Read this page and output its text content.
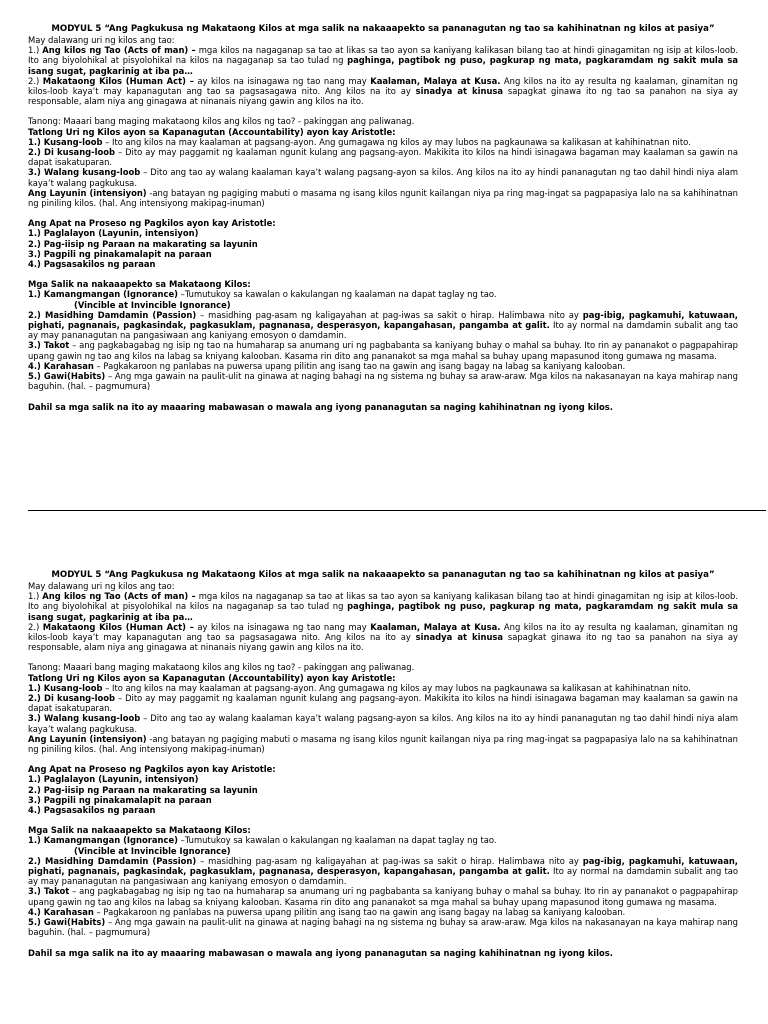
MODYUL 5 “Ang Pagkukusa ng Makataong Kilos at mga salik na nakaaapekto sa pananagutan ng tao sa kahihinatnan ng kilos at pasiya”

May dalawang uri ng kilos ang tao:

1.) Ang kilos ng Tao (Acts of man) – mga kilos na nagaganap sa tao at likas sa tao ayon sa kaniyang kalikasan bilang tao at hindi ginagamitan ng isip at kilos-loob. Ito ang biyolohikal at pisyolohikal na kilos na nagaganap sa tao tulad ng paghinga, pagtibok ng puso, pagkurap ng mata, pagkaramdam ng sakit mula sa isang sugat, pagkarinig at iba pa…

2.) Makataong Kilos (Human Act) – ay kilos na isinagawa ng tao nang may Kaalaman, Malaya at Kusa. Ang kilos na ito ay resulta ng kaalaman, ginamitan ng kilos-loob kaya’t may kapanagutan ang tao sa pagsasagawa nito. Ang kilos na ito ay sinadya at kinusa sapagkat ginawa ito ng tao sa panahon na siya ay responsable, alam niya ang ginagawa at ninanais niyang gawin ang kilos na ito.

Tanong: Maaari bang maging makataong kilos ang kilos ng tao? - pakinggan ang paliwanag.

Tatlong Uri ng Kilos ayon sa Kapanagutan (Accountability) ayon kay Aristotle:

1.) Kusang-loob – Ito ang kilos na may kaalaman at pagsang-ayon. Ang gumagawa ng kilos ay may lubos na pagkaunawa sa kalikasan at kahihinatnan nito.

2.) Di kusang-loob – Dito ay may paggamit ng kaalaman ngunit kulang ang pagsang-ayon. Makikita ito kilos na hindi isinagawa bagaman may kaalaman sa gawin na dapat isakatuparan.

3.) Walang kusang-loob – Dito ang tao ay walang kaalaman kaya’t walang pagsang-ayon sa kilos. Ang kilos na ito ay hindi pananagutan ng tao dahil hindi niya alam kaya’t walang pagkukusa.

Ang Layunin (intensiyon) -ang batayan ng pagiging mabuti o masama ng isang kilos ngunit kailangan niya pa ring mag-ingat sa pagpapasiya lalo na sa kahihinatnan ng piniling kilos. (hal. Ang intensiyong makipag-inuman)

Ang Apat na Proseso ng Pagkilos ayon kay Aristotle:

1.) Paglalayon (Layunin, intensiyon)

2.) Pag-iisip ng Paraan na makarating sa layunin

3.) Pagpili ng pinakamalapit na paraan

4.) Pagsasakilos ng paraan

Mga Salik na nakaaapekto sa Makataong Kilos:

1.) Kamangmangan (Ignorance) –Tumutukoy sa kawalan o kakulangan ng kaalaman na dapat taglay ng tao.

(Vincible at Invincible Ignorance)

2.) Masidhing Damdamin (Passion) – masidhing pag-asam ng kaligayahan at pag-iwas sa sakit o hirap. Halimbawa nito ay pag-ibig, pagkamuhi, katuwaan, pighati, pagnanais, pagkasindak, pagkasuklam, pagnanasa, desperasyon, kapangahasan, pangamba at galit. Ito ay normal na damdamin subalit ang tao ay may pananagutan na pangasiwaan ang kaniyang emosyon o damdamin.

3.) Takot – ang pagkabagabag ng isip ng tao na humaharap sa anumang uri ng pagbabanta sa kaniyang buhay o mahal sa buhay. Ito rin ay pananakot o pagpapahirap upang gawin ng tao ang kilos na labag sa kniyang kalooban. Kasama rin dito ang pananakot sa mga mahal sa buhay upang mapasunod itong gumawa ng masama.

4.) Karahasan – Pagkakaroon ng panlabas na puwersa upang pilitin ang isang tao na gawin ang isang bagay na labag sa kaniyang kalooban.

5.) Gawi(Habits) – Ang mga gawain na paulit-ulit na ginawa at naging bahagi na ng sistema ng buhay sa araw-araw. Mga kilos na nakasanayan na kaya mahirap nang baguhin. (hal. – pagmumura)

Dahil sa mga salik na ito ay maaaring mabawasan o mawala ang iyong pananagutan sa naging kahihinatnan ng iyong kilos.

MODYUL 5 “Ang Pagkukusa ng Makataong Kilos at mga salik na nakaaapekto sa pananagutan ng tao sa kahihinatnan ng kilos at pasiya”

May dalawang uri ng kilos ang tao:

1.) Ang kilos ng Tao (Acts of man) – mga kilos na nagaganap sa tao at likas sa tao ayon sa kaniyang kalikasan bilang tao at hindi ginagamitan ng isip at kilos-loob. Ito ang biyolohikal at pisyolohikal na kilos na nagaganap sa tao tulad ng paghinga, pagtibok ng puso, pagkurap ng mata, pagkaramdam ng sakit mula sa isang sugat, pagkarinig at iba pa…

2.) Makataong Kilos (Human Act) – ay kilos na isinagawa ng tao nang may Kaalaman, Malaya at Kusa. Ang kilos na ito ay resulta ng kaalaman, ginamitan ng kilos-loob kaya’t may kapanagutan ang tao sa pagsasagawa nito. Ang kilos na ito ay sinadya at kinusa sapagkat ginawa ito ng tao sa panahon na siya ay responsable, alam niya ang ginagawa at ninanais niyang gawin ang kilos na ito.

Tanong: Maaari bang maging makataong kilos ang kilos ng tao? - pakinggan ang paliwanag.

Tatlong Uri ng Kilos ayon sa Kapanagutan (Accountability) ayon kay Aristotle:

1.) Kusang-loob – Ito ang kilos na may kaalaman at pagsang-ayon. Ang gumagawa ng kilos ay may lubos na pagkaunawa sa kalikasan at kahihinatnan nito.

2.) Di kusang-loob – Dito ay may paggamit ng kaalaman ngunit kulang ang pagsang-ayon. Makikita ito kilos na hindi isinagawa bagaman may kaalaman sa gawin na dapat isakatuparan.

3.) Walang kusang-loob – Dito ang tao ay walang kaalaman kaya’t walang pagsang-ayon sa kilos. Ang kilos na ito ay hindi pananagutan ng tao dahil hindi niya alam kaya’t walang pagkukusa.

Ang Layunin (intensiyon) -ang batayan ng pagiging mabuti o masama ng isang kilos ngunit kailangan niya pa ring mag-ingat sa pagpapasiya lalo na sa kahihinatnan ng piniling kilos. (hal. Ang intensiyong makipag-inuman)

Ang Apat na Proseso ng Pagkilos ayon kay Aristotle:

1.) Paglalayon (Layunin, intensiyon)

2.) Pag-iisip ng Paraan na makarating sa layunin

3.) Pagpili ng pinakamalapit na paraan

4.) Pagsasakilos ng paraan

Mga Salik na nakaaapekto sa Makataong Kilos:

1.) Kamangmangan (Ignorance) –Tumutukoy sa kawalan o kakulangan ng kaalaman na dapat taglay ng tao.

(Vincible at Invincible Ignorance)

2.) Masidhing Damdamin (Passion) – masidhing pag-asam ng kaligayahan at pag-iwas sa sakit o hirap. Halimbawa nito ay pag-ibig, pagkamuhi, katuwaan, pighati, pagnanais, pagkasindak, pagkasuklam, pagnanasa, desperasyon, kapangahasan, pangamba at galit. Ito ay normal na damdamin subalit ang tao ay may pananagutan na pangasiwaan ang kaniyang emosyon o damdamin.

3.) Takot – ang pagkabagabag ng isip ng tao na humaharap sa anumang uri ng pagbabanta sa kaniyang buhay o mahal sa buhay. Ito rin ay pananakot o pagpapahirap upang gawin ng tao ang kilos na labag sa kniyang kalooban. Kasama rin dito ang pananakot sa mga mahal sa buhay upang mapasunod itong gumawa ng masama.

4.) Karahasan – Pagkakaroon ng panlabas na puwersa upang pilitin ang isang tao na gawin ang isang bagay na labag sa kaniyang kalooban.

5.) Gawi(Habits) – Ang mga gawain na paulit-ulit na ginawa at naging bahagi na ng sistema ng buhay sa araw-araw. Mga kilos na nakasanayan na kaya mahirap nang baguhin. (hal. – pagmumura)

Dahil sa mga salik na ito ay maaaring mabawasan o mawala ang iyong pananagutan sa naging kahihinatnan ng iyong kilos.
